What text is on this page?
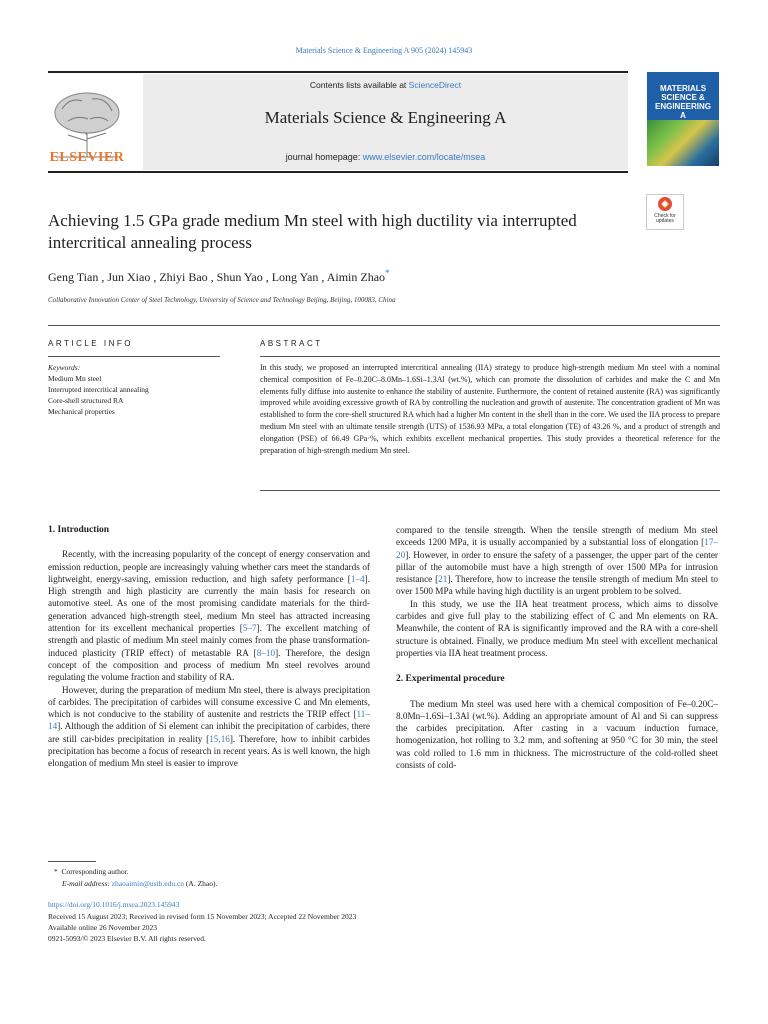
Materials Science & Engineering A 905 (2024) 145943
ELSEVIER
Contents lists available at ScienceDirect
Materials Science & Engineering A
journal homepage: www.elsevier.com/locate/msea
MATERIALS SCIENCE & ENGINEERING
A
Check for updates
Achieving 1.5 GPa grade medium Mn steel with high ductility via interrupted intercritical annealing process
Geng Tian , Jun Xiao , Zhiyi Bao , Shun Yao , Long Yan , Aimin Zhao*
Collaborative Innovation Center of Steel Technology, University of Science and Technology Beijing, Beijing, 100083, China
ARTICLE INFO	ABSTRACT
Keywords:
Medium Mn steel
Interrupted intercritical annealing
Core-shell structured RA
Mechanical properties
In this study, we proposed an interrupted intercritical annealing (IIA) strategy to produce high-strength medium Mn steel with a nominal chemical composition of Fe–0.20C–8.0Mn–1.6Si–1.3Al (wt.%), which can promote the dissolution of carbides and make the C and Mn elements fully diffuse into austenite to enhance the stability of austenite. Furthermore, the content of retained austenite (RA) was significantly improved while avoiding excessive growth of RA by controlling the nucleation and growth of austenite. The concentration gradient of Mn was established to form the core-shell structured RA which had a higher Mn content in the shell than in the core. We used the IIA process to prepare medium Mn steel with an ultimate tensile strength (UTS) of 1536.93 MPa, a total elongation (TE) of 43.26 %, and a product of strength and elongation (PSE) of 66.49 GPa·%, which exhibits excellent mechanical properties. This study provides a theoretical reference for the preparation of high-strength medium Mn steel.
1. Introduction

Recently, with the increasing popularity of the concept of energy conservation and emission reduction, people are increasingly valuing whether cars meet the standards of lightweight, energy-saving, emission reduction, and high safety performance [1–4]. High strength and high plasticity are currently the main basis for research on automotive steel. As one of the most promising candidate materials for the third-generation advanced high-strength steel, medium Mn steel has attracted increasing attention for its excellent mechanical properties [5–7]. The excellent matching of strength and plastic of medium Mn steel mainly comes from the phase transformation-induced plasticity (TRIP effect) of metastable RA [8–10]. Therefore, the design concept of the composition and process of medium Mn steel revolves around regulating the volume fraction and stability of RA.

However, during the preparation of medium Mn steel, there is always precipitation of carbides. The precipitation of carbides will consume excessive C and Mn elements, which is not conducive to the stability of austenite and restricts the TRIP effect [11–14]. Although the addition of Si element can inhibit the precipitation of carbides, there are still car-bides precipitation in reality [15,16]. Therefore, how to inhibit carbides precipitation has become a focus of research in recent years. As is well known, the high elongation of medium Mn steel is easier to improve

compared to the tensile strength. When the tensile strength of medium Mn steel exceeds 1200 MPa, it is usually accompanied by a substantial loss of elongation [17–20]. However, in order to ensure the safety of a passenger, the upper part of the center pillar of the automobile must have a high strength of over 1500 MPa for intrusion resistance [21]. Therefore, how to increase the tensile strength of medium Mn steel to over 1500 MPa while having high ductility is an urgent problem to be solved.

In this study, we use the IIA heat treatment process, which aims to dissolve carbides and give full play to the stabilizing effect of C and Mn elements on RA. Meanwhile, the content of RA is significantly improved and the RA with a core-shell structure is obtained. Finally, we produce medium Mn steel with excellent mechanical properties via IIA heat treatment process.

2. Experimental procedure

The medium Mn steel was used here with a chemical composition of Fe–0.20C–8.0Mn–1.6Si–1.3Al (wt.%). Adding an appropriate amount of Al and Si can suppress the carbides precipitation. After casting in a vacuum induction furnace, homogenization, hot rolling to 3.2 mm, and softening at 950 °C for 30 min, the steel was cold rolled to 1.6 mm in thickness. The microstructure of the cold-rolled sheet consists of cold-

* Corresponding author.
E-mail address: zhaoaimin@ustb.edu.cn (A. Zhao).
https://doi.org/10.1016/j.msea.2023.145943
Received 15 August 2023; Received in revised form 15 November 2023; Accepted 22 November 2023
Available online 26 November 2023
0921-5093/© 2023 Elsevier B.V. All rights reserved.
